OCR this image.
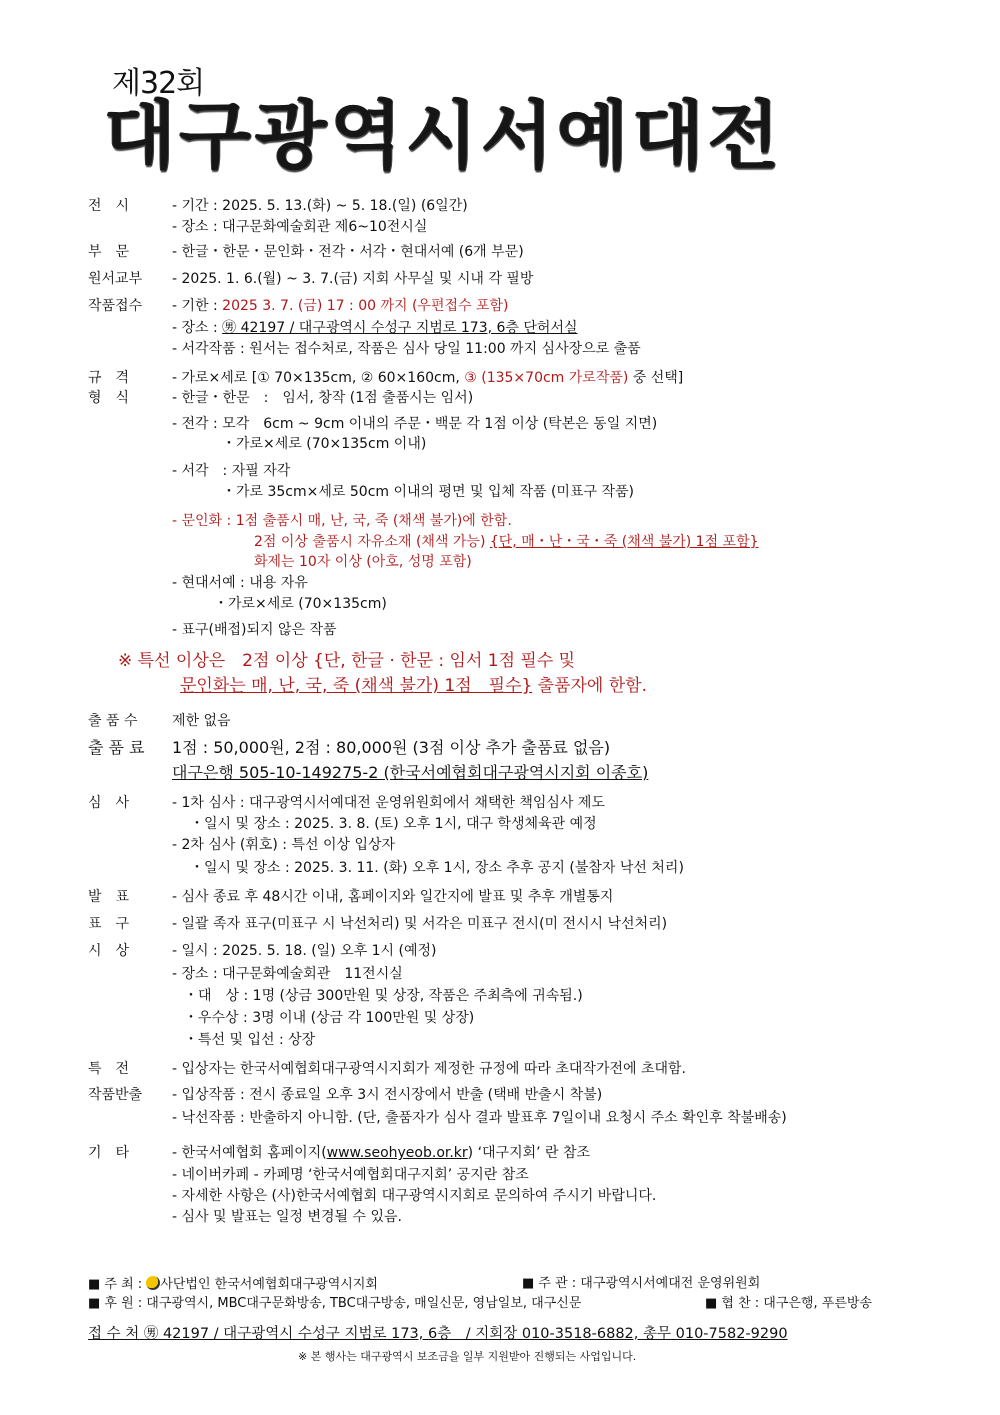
제32회
대구광역시서예대전
전　시	- 기간 : 2025. 5. 13.(화) ~ 5. 18.(일) (6일간)
- 장소 : 대구문화예술회관 제6~10전시실
부　문	- 한글・한문・문인화・전각・서각・현대서예 (6개 부문)
원서교부 - 2025. 1. 6.(월) ~ 3. 7.(금) 지회 사무실 및 시내 각 필방
작품접수 - 기한 : 2025 3. 7. (금) 17 : 00 까지 (우편접수 포함)
- 장소 : ㊚ 42197 / 대구광역시 수성구 지범로 173, 6층 단허서실
- 서각작품 : 원서는 접수처로, 작품은 심사 당일 11:00 까지 심사장으로 출품
규　격	- 가로×세로 [① 70×135cm, ② 60×160cm, ③ (135×70cm 가로작품) 중 선택]
형　식	- 한글・한문　:　임서, 창작 (1점 출품시는 임서)
- 전각 : 모각　6cm ~ 9cm 이내의 주문・백문 각 1점 이상 (탁본은 동일 지면)
・가로×세로 (70×135cm 이내)
- 서각　: 자필 자각
・가로 35cm×세로 50cm 이내의 평면 및 입체 작품 (미표구 작품)
- 문인화 : 1점 출품시 매, 난, 국, 죽 (채색 불가)에 한함.
2점 이상 출품시 자유소재 (채색 가능) {단, 매・난・국・죽 (채색 불가) 1점 포함}
화제는 10자 이상 (아호, 성명 포함)
- 현대서예 : 내용 자유
・가로×세로 (70×135cm)
- 표구(배접)되지 않은 작품
※ 특선 이상은　2점 이상 {단, 한글 · 한문 : 임서 1점 필수 및
문인화는 매, 난, 국, 죽 (채색 불가) 1점　필수} 출품자에 한함.
출 품 수 제한 없음
출 품 료 1점 : 50,000원, 2점 : 80,000원 (3점 이상 추가 출품료 없음)
대구은행 505-10-149275-2 (한국서예협회대구광역시지회 이종호)
심　사	- 1차 심사 : 대구광역시서예대전 운영위원회에서 채택한 책임심사 제도
・일시 및 장소 : 2025. 3. 8. (토) 오후 1시, 대구 학생체육관 예정
- 2차 심사 (휘호) : 특선 이상 입상자
・일시 및 장소 : 2025. 3. 11. (화) 오후 1시, 장소 추후 공지 (불참자 낙선 처리)
발　표	- 심사 종료 후 48시간 이내, 홈페이지와 일간지에 발표 및 추후 개별통지
표　구	- 일괄 족자 표구(미표구 시 낙선처리) 및 서각은 미표구 전시(미 전시시 낙선처리)
시　상	- 일시 : 2025. 5. 18. (일) 오후 1시 (예정)
- 장소 : 대구문화예술회관　11전시실
・대　상 : 1명 (상금 300만원 및 상장, 작품은 주최측에 귀속됨.)
・우수상 : 3명 이내 (상금 각 100만원 및 상장)
・특선 및 입선 : 상장
특　전	- 입상자는 한국서예협회대구광역시지회가 제정한 규정에 따라 초대작가전에 초대함.
작품반출 - 입상작품 : 전시 종료일 오후 3시 전시장에서 반출 (택배 반출시 착불)
- 낙선작품 : 반출하지 아니함. (단, 출품자가 심사 결과 발표후 7일이내 요청시 주소 확인후 착불배송)
기　타	- 한국서예협회 홈페이지(www.seohyeob.or.kr) ‘대구지회’ 란 참조
- 네이버카페 - 카페명 ‘한국서예협회대구지회’ 공지란 참조
- 자세한 사항은 (사)한국서예협회 대구광역시지회로 문의하여 주시기 바랍니다.
- 심사 및 발표는 일정 변경될 수 있음.
■ 주 최 : 사단법인 한국서예협회대구광역시지회	■ 주 관 : 대구광역시서예대전 운영위원회
■ 후 원 : 대구광역시, MBC대구문화방송, TBC대구방송, 매일신문, 영남일보, 대구신문	■ 협 찬 : 대구은행, 푸른방송
접 수 처 ㊚ 42197 / 대구광역시 수성구 지범로 173, 6층　/ 지회장 010-3518-6882, 총무 010-7582-9290
※ 본 행사는 대구광역시 보조금을 일부 지원받아 진행되는 사업입니다.
